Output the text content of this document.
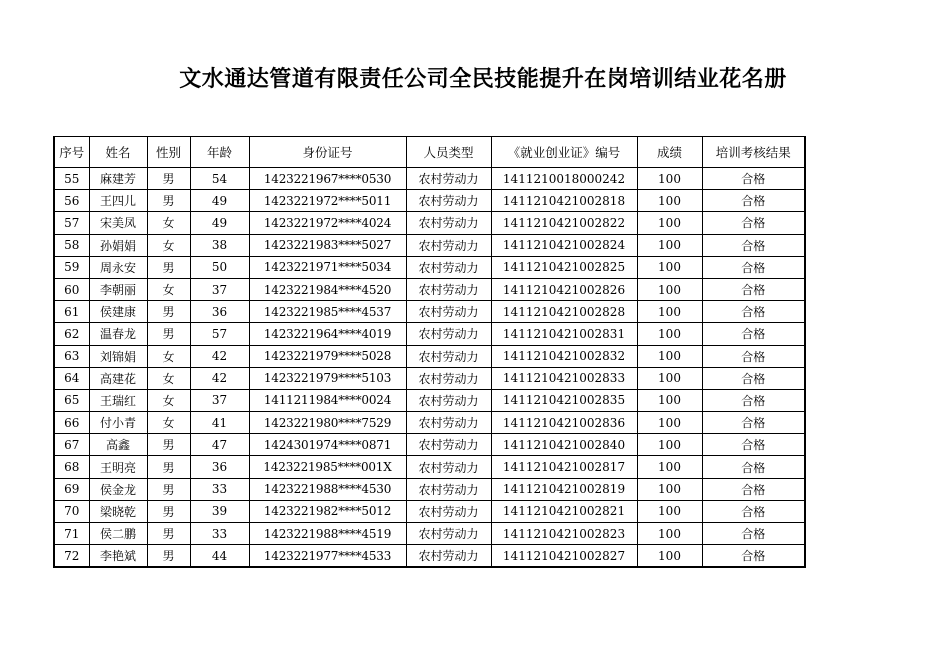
文水通达管道有限责任公司全民技能提升在岗培训结业花名册
序号	姓名	性别	年龄	身份证号	人员类型	《就业创业证》编号	成绩	培训考核结果
55	麻建芳	男	54	1423221967****0530	农村劳动力	1411210018000242	100	合格
56	王四儿	男	49	1423221972****5011	农村劳动力	1411210421002818	100	合格
57	宋美凤	女	49	1423221972****4024	农村劳动力	1411210421002822	100	合格
58	孙娟娟	女	38	1423221983****5027	农村劳动力	1411210421002824	100	合格
59	周永安	男	50	1423221971****5034	农村劳动力	1411210421002825	100	合格
60	李朝丽	女	37	1423221984****4520	农村劳动力	1411210421002826	100	合格
61	侯建康	男	36	1423221985****4537	农村劳动力	1411210421002828	100	合格
62	温春龙	男	57	1423221964****4019	农村劳动力	1411210421002831	100	合格
63	刘锦娟	女	42	1423221979****5028	农村劳动力	1411210421002832	100	合格
64	高建花	女	42	1423221979****5103	农村劳动力	1411210421002833	100	合格
65	王瑞红	女	37	1411211984****0024	农村劳动力	1411210421002835	100	合格
66	付小青	女	41	1423221980****7529	农村劳动力	1411210421002836	100	合格
67	高鑫	男	47	1424301974****0871	农村劳动力	1411210421002840	100	合格
68	王明亮	男	36	1423221985****001X	农村劳动力	1411210421002817	100	合格
69	侯金龙	男	33	1423221988****4530	农村劳动力	1411210421002819	100	合格
70	梁晓乾	男	39	1423221982****5012	农村劳动力	1411210421002821	100	合格
71	侯二鹏	男	33	1423221988****4519	农村劳动力	1411210421002823	100	合格
72	李艳斌	男	44	1423221977****4533	农村劳动力	1411210421002827	100	合格
